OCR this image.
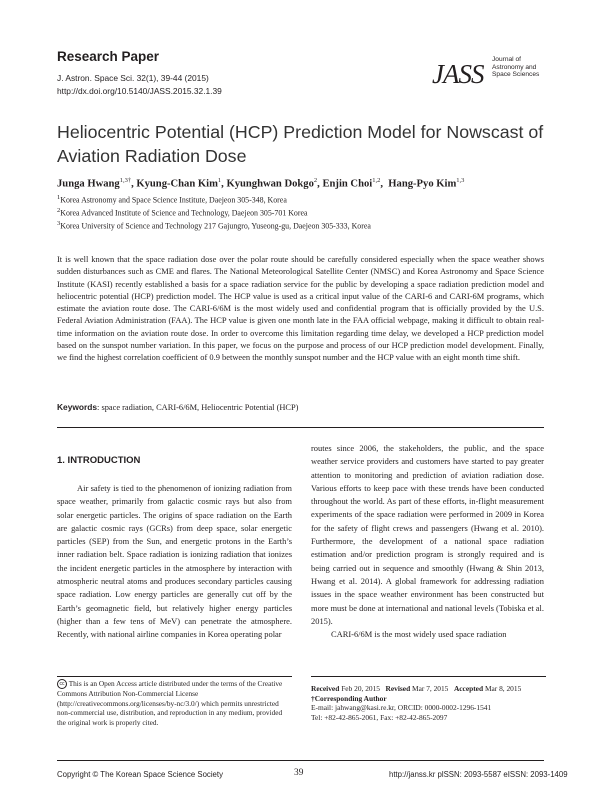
Research Paper
J. Astron. Space Sci. 32(1), 39-44 (2015)
http://dx.doi.org/10.5140/JASS.2015.32.1.39
JASS Journal of
Astronomy and
Space Sciences
Heliocentric Potential (HCP) Prediction Model for Nowscast of
Aviation Radiation Dose
Junga Hwang$^{1,3\dagger}$, Kyung-Chan Kim$^1$, Kyunghwan Dokgo$^2$, Enjin Choi$^{1,2}$,  Hang-Pyo Kim$^{1,3}$
$^1$Korea Astronomy and Space Science Institute, Daejeon 305-348, Korea
$^2$Korea Advanced Institute of Science and Technology, Daejeon 305-701 Korea
$^3$Korea University of Science and Technology 217 Gajungro, Yuseong-gu, Daejeon 305-333, Korea

It is well known that the space radiation dose over the polar route should be carefully considered especially when the space weather shows sudden disturbances such as CME and flares. The National Meteorological Satellite Center (NMSC) and Korea Astronomy and Space Science Institute (KASI) recently established a basis for a space radiation service for the public by developing a space radiation prediction model and heliocentric potential (HCP) prediction model. The HCP value is used as a critical input value of the CARI-6 and CARI-6M programs, which estimate the aviation route dose. The CARI-6/6M is the most widely used and confidential program that is officially provided by the U.S. Federal Aviation Administration (FAA). The HCP value is given one month late in the FAA official webpage, making it difficult to obtain real-time information on the aviation route dose. In order to overcome this limitation regarding time delay, we developed a HCP prediction model based on the sunspot number variation. In this paper, we focus on the purpose and process of our HCP prediction model development. Finally, we find the highest correlation coefficient of 0.9 between the monthly sunspot number and the HCP value with an eight month time shift.

Keywords: space radiation, CARI-6/6M, Heliocentric Potential (HCP)
1. INTRODUCTION

Air safety is tied to the phenomenon of ionizing radiation from space weather, primarily from galactic cosmic rays but also from solar energetic particles. The origins of space radiation on the Earth are galactic cosmic rays (GCRs) from deep space, solar energetic particles (SEP) from the Sun, and energetic protons in the Earth’s inner radiation belt. Space radiation is ionizing radiation that ionizes the incident energetic particles in the atmosphere by interaction with atmospheric neutral atoms and produces secondary particles causing space radiation. Low energy particles are generally cut off by the Earth’s geomagnetic field, but relatively higher energy particles (higher than a few tens of MeV) can penetrate the atmosphere. Recently, with national airline companies in Korea operating polar

routes since 2006, the stakeholders, the public, and the space weather service providers and customers have started to pay greater attention to monitoring and prediction of aviation radiation dose. Various efforts to keep pace with these trends have been conducted throughout the world. As part of these efforts, in-flight measurement experiments of the space radiation were performed in 2009 in Korea for the safety of flight crews and passengers (Hwang et al. 2010). Furthermore, the development of a national space radiation estimation and/or prediction program is strongly required and is being carried out in sequence and smoothly (Hwang & Shin 2013, Hwang et al. 2014). A global framework for addressing radiation issues in the space weather environment has been constructed but more must be done at international and national levels (Tobiska et al. 2015).

CARI-6/6M is the most widely used space radiation

cc This is an Open Access article distributed under the terms of the Creative Commons Attribution Non-Commercial License (http://creativecommons.org/licenses/by-nc/3.0/) which permits unrestricted non-commercial use, distribution, and reproduction in any medium, provided the original work is properly cited.
Received Feb 20, 2015 Revised Mar 7, 2015 Accepted Mar 8, 2015
†Corresponding Author
E-mail: jahwang@kasi.re.kr, ORCID: 0000-0002-1296-1541
Tel: +82-42-865-2061, Fax: +82-42-865-2097
Copyright © The Korean Space Science Society	39	http://janss.kr plSSN: 2093-5587 eISSN: 2093-1409
